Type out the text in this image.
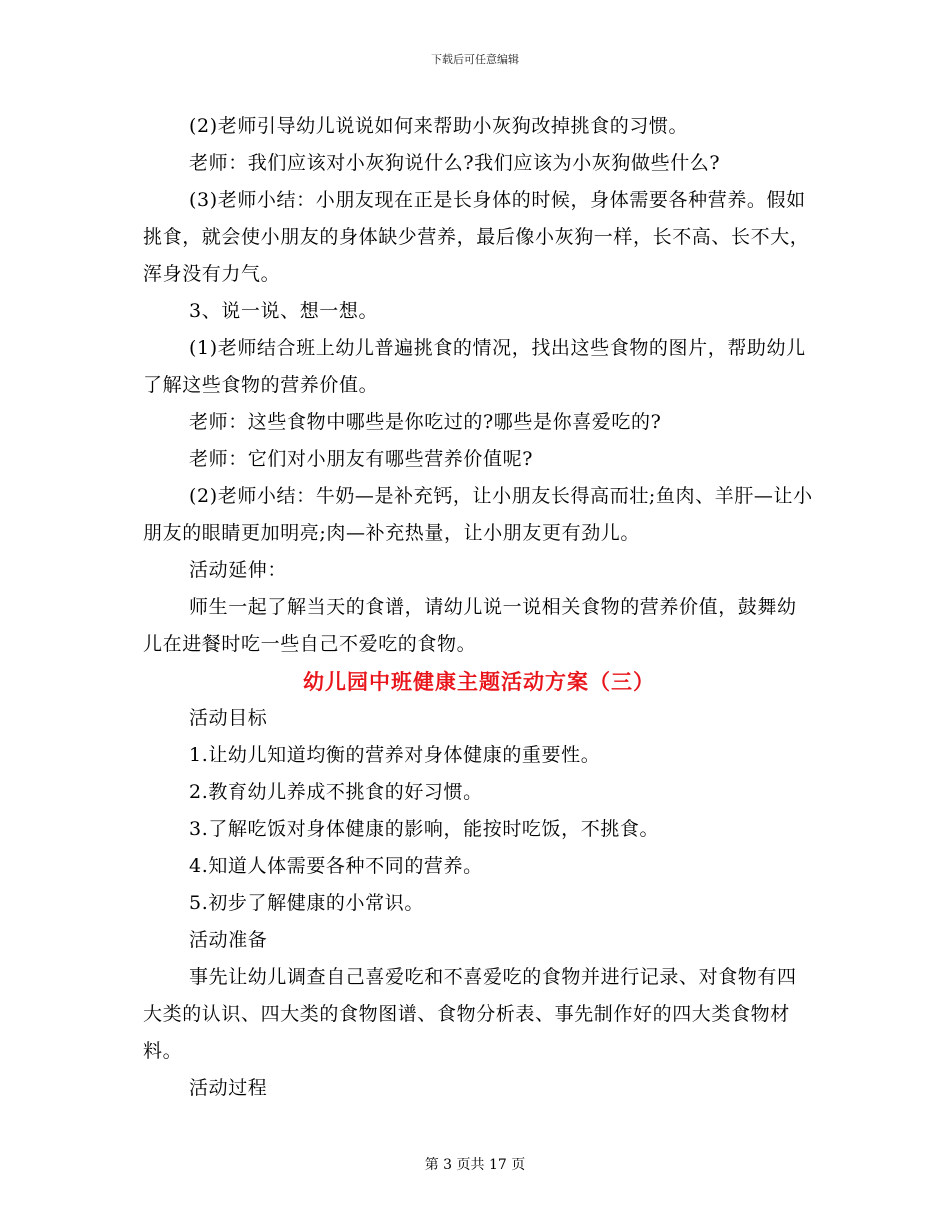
下载后可任意编辑

(2)老师引导幼儿说说如何来帮助小灰狗改掉挑食的习惯。

老师：我们应该对小灰狗说什么?我们应该为小灰狗做些什么?

(3)老师小结：小朋友现在正是长身体的时候，身体需要各种营养。假如挑食，就会使小朋友的身体缺少营养，最后像小灰狗一样，长不高、长不大，浑身没有力气。

3、说一说、想一想。

(1)老师结合班上幼儿普遍挑食的情况，找出这些食物的图片，帮助幼儿了解这些食物的营养价值。

老师：这些食物中哪些是你吃过的?哪些是你喜爱吃的?

老师：它们对小朋友有哪些营养价值呢?

(2)老师小结：牛奶—是补充钙，让小朋友长得高而壮;鱼肉、羊肝—让小朋友的眼睛更加明亮;肉—补充热量，让小朋友更有劲儿。

活动延伸：

师生一起了解当天的食谱，请幼儿说一说相关食物的营养价值，鼓舞幼儿在进餐时吃一些自己不爱吃的食物。

幼儿园中班健康主题活动方案（三）

活动目标

1.让幼儿知道均衡的营养对身体健康的重要性。

2.教育幼儿养成不挑食的好习惯。

3.了解吃饭对身体健康的影响，能按时吃饭，不挑食。

4.知道人体需要各种不同的营养。

5.初步了解健康的小常识。

活动准备

事先让幼儿调查自己喜爱吃和不喜爱吃的食物并进行记录、对食物有四大类的认识、四大类的食物图谱、食物分析表、事先制作好的四大类食物材料。

活动过程

第 3 页共 17 页
